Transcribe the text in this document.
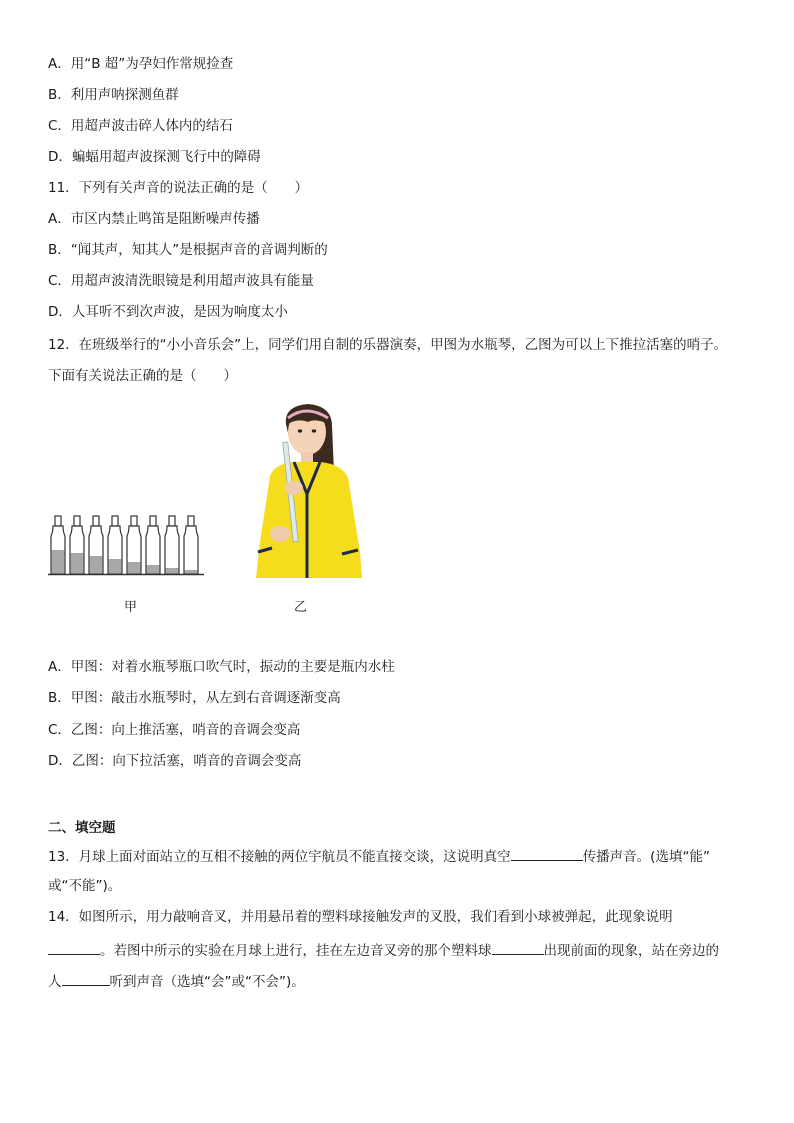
A．用“B 超”为孕妇作常规捡查
B．利用声呐探测鱼群
C．用超声波击碎人体内的结石
D．蝙蝠用超声波探测飞行中的障碍
11．下列有关声音的说法正确的是（　　）
A．市区内禁止鸣笛是阻断噪声传播
B．“闻其声，知其人”是根据声音的音调判断的
C．用超声波清洗眼镜是利用超声波具有能量
D．人耳听不到次声波，是因为响度太小
12．在班级举行的“小小音乐会”上，同学们用自制的乐器演奏，甲图为水瓶琴，乙图为可以上下推拉活塞的哨子。
下面有关说法正确的是（　　）
甲	乙
A．甲图：对着水瓶琴瓶口吹气时，振动的主要是瓶内水柱
B．甲图：敲击水瓶琴时，从左到右音调逐渐变高
C．乙图：向上推活塞，哨音的音调会变高
D．乙图：向下拉活塞，哨音的音调会变高
二、填空题
13．月球上面对面站立的互相不接触的两位宇航员不能直接交谈，这说明真空	传播声音。(选填“能”
或“不能”)。
14．如图所示，用力敲响音叉，并用悬吊着的塑料球接触发声的叉股，我们看到小球被弹起，此现象说明
。若图中所示的实验在月球上进行，挂在左边音叉旁的那个塑料球	出现前面的现象，站在旁边的
人	听到声音（选填“会”或“不会”)。
